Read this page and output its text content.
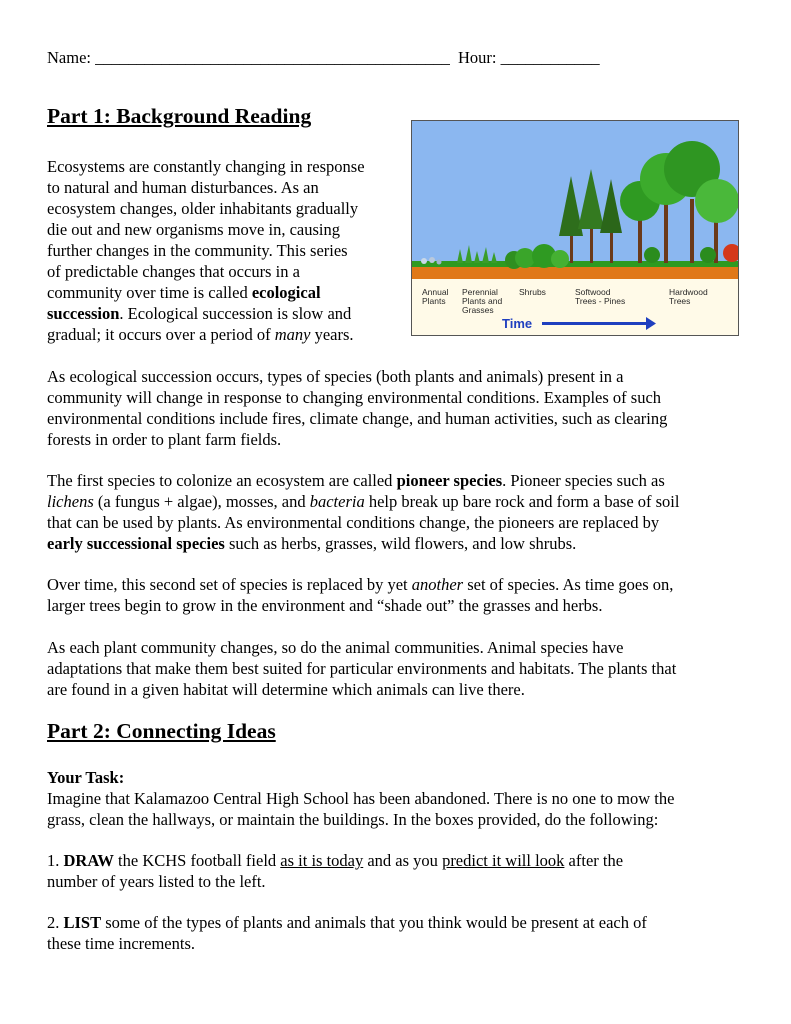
Name: ___________________________________________ Hour: ____________
Part 1: Background Reading
Ecosystems are constantly changing in response
to natural and human disturbances. As an
ecosystem changes, older inhabitants gradually
die out and new organisms move in, causing
further changes in the community. This series
of predictable changes that occurs in a
community over time is called ecological
succession. Ecological succession is slow and
gradual; it occurs over a period of many years.
Annual
Plants
Perennial
Plants and
Grasses
Shrubs	Softwood
Trees - Pines
Hardwood
Trees
Time
As ecological succession occurs, types of species (both plants and animals) present in a
community will change in response to changing environmental conditions. Examples of such
environmental conditions include fires, climate change, and human activities, such as clearing
forests in order to plant farm fields.
The first species to colonize an ecosystem are called pioneer species. Pioneer species such as
lichens (a fungus + algae), mosses, and bacteria help break up bare rock and form a base of soil
that can be used by plants. As environmental conditions change, the pioneers are replaced by
early successional species such as herbs, grasses, wild flowers, and low shrubs.
Over time, this second set of species is replaced by yet another set of species. As time goes on,
larger trees begin to grow in the environment and “shade out” the grasses and herbs.
As each plant community changes, so do the animal communities. Animal species have
adaptations that make them best suited for particular environments and habitats. The plants that
are found in a given habitat will determine which animals can live there.
Part 2: Connecting Ideas
Your Task:
Imagine that Kalamazoo Central High School has been abandoned. There is no one to mow the
grass, clean the hallways, or maintain the buildings. In the boxes provided, do the following:
1. DRAW the KCHS football field as it is today and as you predict it will look after the
number of years listed to the left.
2. LIST some of the types of plants and animals that you think would be present at each of
these time increments.
